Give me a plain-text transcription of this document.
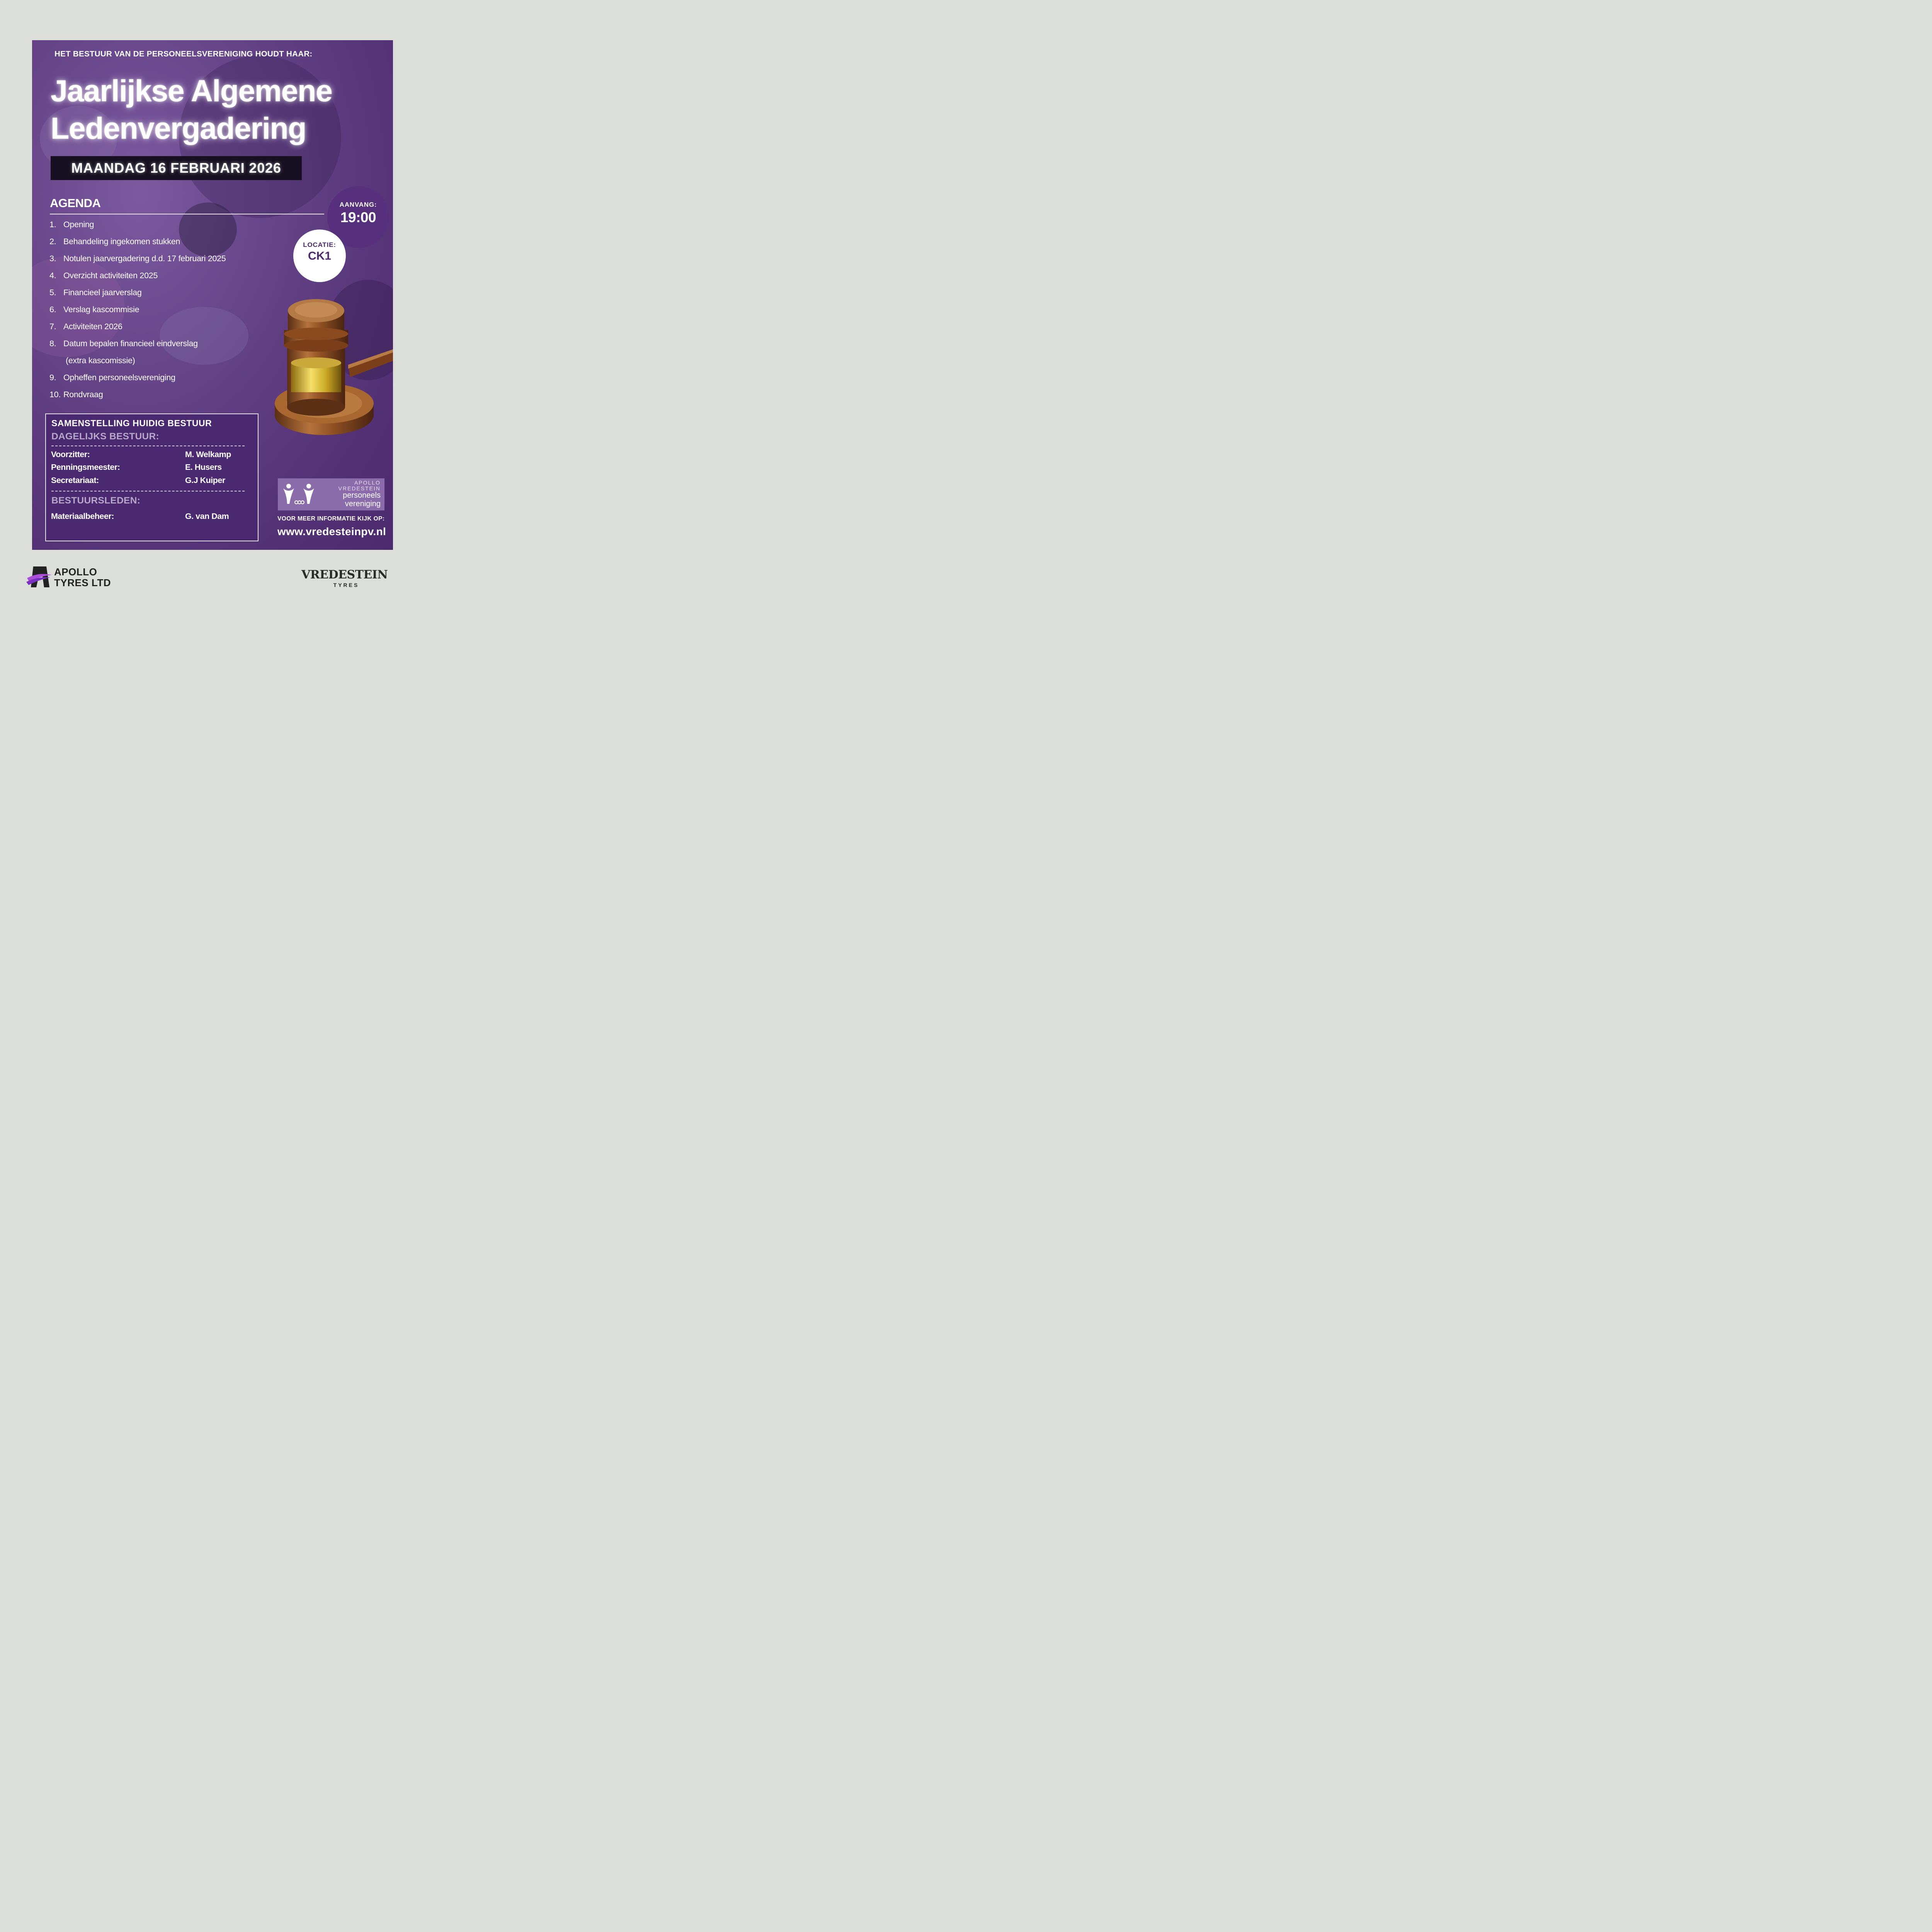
HET BESTUUR VAN DE PERSONEELSVERENIGING HOUDT HAAR:
Jaarlijkse Algemene
Ledenvergadering
MAANDAG 16 FEBRUARI 2026
AGENDA
1. Opening
2. Behandeling ingekomen stukken
3. Notulen jaarvergadering d.d. 17 februari 2025
4. Overzicht activiteiten 2025
5. Financieel jaarverslag
6. Verslag kascommisie
7. Activiteiten 2026
8. Datum bepalen financieel eindverslag
(extra kascomissie)
9. Opheffen personeelsvereniging
10. Rondvraag
AANVANG:
19:00
LOCATIE:
CK1
SAMENSTELLING HUIDIG BESTUUR
DAGELIJKS BESTUUR:
Voorzitter:	M. Welkamp
Penningsmeester:	E. Husers
Secretariaat:	G.J Kuiper
BESTUURSLEDEN:
Materiaalbeheer:	G. van Dam
APOLLO
VREDESTEIN
personeels
vereniging
VOOR MEER INFORMATIE KIJK OP:
www.vredesteinpv.nl
APOLLO
TYRES LTD
VREDESTEIN
TYRES
